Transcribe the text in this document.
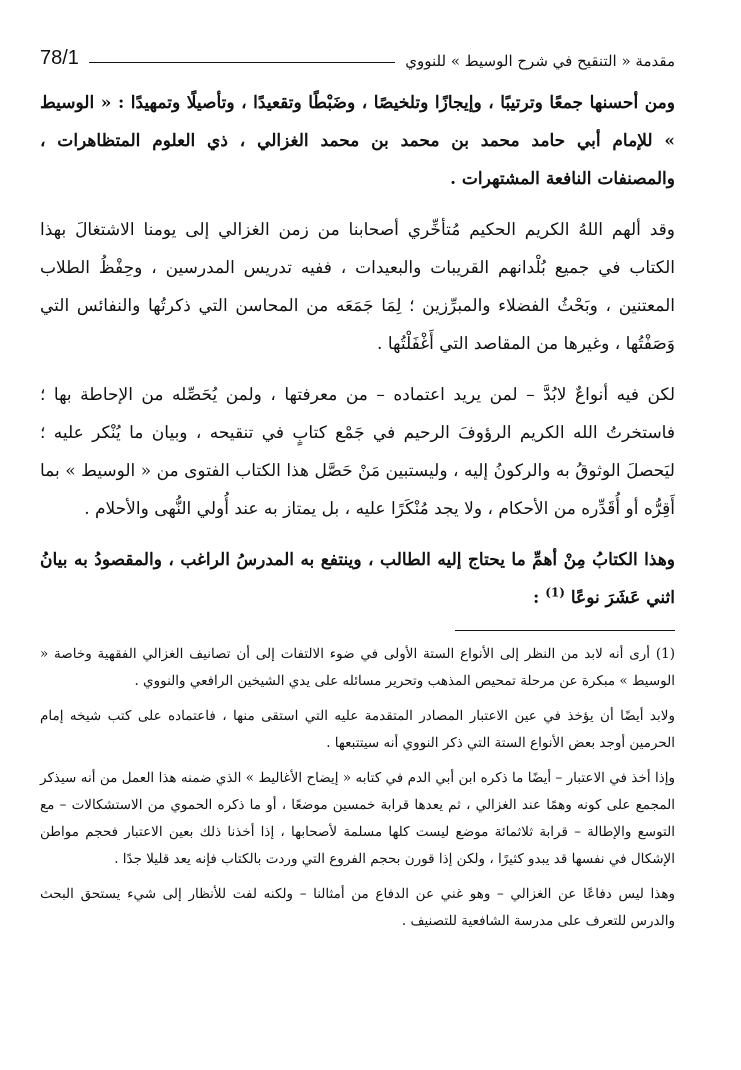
مقدمة « التنقيح في شرح الوسيط » للنووي
78/1

ومن أحسنها جمعًا وترتيبًا ، وإيجازًا وتلخيصًا ، وضَبْطًا وتقعيدًا ، وتأصيلًا وتمهيدًا : « الوسيط » للإمام أبي حامد محمد بن محمد بن محمد الغزالي ، ذي العلوم المتظاهرات ، والمصنفات النافعة المشتهرات .

وقد ألهم اللهُ الكريم الحكيم مُتأخِّري أصحابنا من زمن الغزالي إلى يومنا الاشتغالَ بهذا الكتاب في جميع بُلْدانهم القريبات والبعيدات ، ففيه تدريس المدرسين ، وحِفْظُ الطلاب المعتنين ، وبَحْثُ الفضلاء والمبرِّزين ؛ لِمَا جَمَعَه من المحاسن التي ذكرتُها والنفائس التي وَصَفْتُها ، وغيرها من المقاصد التي أَغْفَلْتُها .

لكن فيه أنواعٌ لابُدَّ – لمن يريد اعتماده – من معرفتها ، ولمن يُحَصِّله من الإحاطة بها ؛ فاستخرتُ الله الكريم الرؤوفَ الرحيم في جَمْع كتابٍ في تنقيحه ، وبيان ما يُنْكر عليه ؛ ليَحصلَ الوثوقُ به والركونُ إليه ، وليستبين مَنْ حَصَّل هذا الكتاب الفتوى من « الوسيط » بما أَقِرُّه أو أُقَدِّره من الأحكام ، ولا يجد مُنْكَرًا عليه ، بل يمتاز به عند أُولي النُّهى والأحلام .

وهذا الكتابُ مِنْ أهمِّ ما يحتاج إليه الطالب ، وينتفع به المدرسُ الراغب ، والمقصودُ به بيانُ اثني عَشَرَ نوعًا $^{(1)}$ :

(1) أرى أنه لابد من النظر إلى الأنواع الستة الأولى في ضوء الالتفات إلى أن تصانيف الغزالي الفقهية وخاصة « الوسيط » مبكرة عن مرحلة تمحيص المذهب وتحرير مسائله على يدي الشيخين الرافعي والنووي .

ولابد أيضًا أن يؤخذ في عين الاعتبار المصادر المتقدمة عليه التي استقى منها ، فاعتماده على كتب شيخه إمام الحرمين أوجد بعض الأنواع الستة التي ذكر النووي أنه سيتتبعها .

وإذا أخذ في الاعتبار – أيضًا ما ذكره ابن أبي الدم في كتابه « إيضاح الأغاليط » الذي ضمنه هذا العمل من أنه سيذكر المجمع على كونه وهمًا عند الغزالي ، ثم يعدها قرابة خمسين موضعًا ، أو ما ذكره الحموي من الاستشكالات – مع التوسع والإطالة – قرابة ثلاثمائة موضع ليست كلها مسلمة لأصحابها ، إذا أخذنا ذلك بعين الاعتبار فحجم مواطن الإشكال في نفسها قد يبدو كثيرًا ، ولكن إذا قورن بحجم الفروع التي وردت بالكتاب فإنه يعد قليلا جدًا .

وهذا ليس دفاعًا عن الغزالي – وهو غني عن الدفاع من أمثالنا – ولكنه لفت للأنظار إلى شيء يستحق البحث والدرس للتعرف على مدرسة الشافعية للتصنيف .
